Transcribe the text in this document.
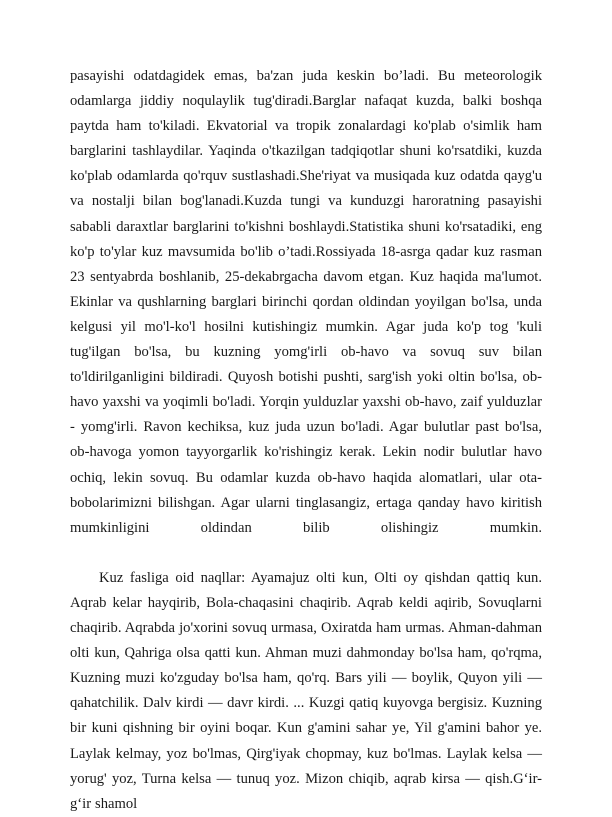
pasayishi odatdagidek emas, ba'zan juda keskin bo’ladi. Bu meteorologik odamlarga jiddiy noqulaylik tug'diradi.Barglar nafaqat kuzda, balki boshqa paytda ham to'kiladi. Ekvatorial va tropik zonalardagi ko'plab o'simlik ham barglarini tashlaydilar. Yaqinda o'tkazilgan tadqiqotlar shuni ko'rsatdiki, kuzda ko'plab odamlarda qo'rquv sustlashadi.She'riyat va musiqada kuz odatda qayg'u va nostalji bilan bog'lanadi.Kuzda tungi va kunduzgi haroratning pasayishi sababli daraxtlar barglarini to'kishni boshlaydi.Statistika shuni ko'rsatadiki, eng ko'p to'ylar kuz mavsumida bo'lib o’tadi.Rossiyada 18-asrga qadar kuz rasman 23 sentyabrda boshlanib, 25-dekabrgacha davom etgan. Kuz haqida ma'lumot. Ekinlar va qushlarning barglari birinchi qordan oldindan yoyilgan bo'lsa, unda kelgusi yil mo'l-ko'l hosilni kutishingiz mumkin. Agar juda ko'p tog 'kuli tug'ilgan bo'lsa, bu kuzning yomg'irli ob-havo va sovuq suv bilan to'ldirilganligini bildiradi. Quyosh botishi pushti, sarg'ish yoki oltin bo'lsa, ob-havo yaxshi va yoqimli bo'ladi. Yorqin yulduzlar yaxshi ob-havo, zaif yulduzlar - yomg'irli. Ravon kechiksa, kuz juda uzun bo'ladi. Agar bulutlar past bo'lsa, ob-havoga yomon tayyorgarlik ko'rishingiz kerak. Lekin nodir bulutlar havo ochiq, lekin sovuq. Bu odamlar kuzda ob-havo haqida alomatlari, ular ota-bobolarimizni bilishgan. Agar ularni tinglasangiz, ertaga qanday havo kiritish mumkinligini oldindan bilib olishingiz mumkin.

Kuz fasliga oid naqllar: Ayamajuz olti kun, Olti oy qishdan qattiq kun. Aqrab kelar hayqirib, Bola-chaqasini chaqirib. Aqrab keldi aqirib, Sovuqlarni chaqirib. Aqrabda jo'xorini sovuq urmasa, Oxiratda ham urmas. Ahman-dahman olti kun, Qahriga olsa qatti kun. Ahman muzi dahmonday bo'lsa ham, qo'rqma, Kuzning muzi ko'zguday bo'lsa ham, qo'rq. Bars yili — boylik, Quyon yili — qahatchilik. Dalv kirdi — davr kirdi. ... Kuzgi qatiq kuyovga bergisiz. Kuzning bir kuni qishning bir oyini boqar. Kun g'amini sahar ye, Yil g'amini bahor ye. Laylak kelmay, yoz bo'lmas, Qirg'iyak chopmay, kuz bo'lmas. Laylak kelsa — yorug' yoz, Turna kelsa — tunuq yoz. Mizon chiqib, aqrab kirsa — qish.Gʻir-gʻir shamol
